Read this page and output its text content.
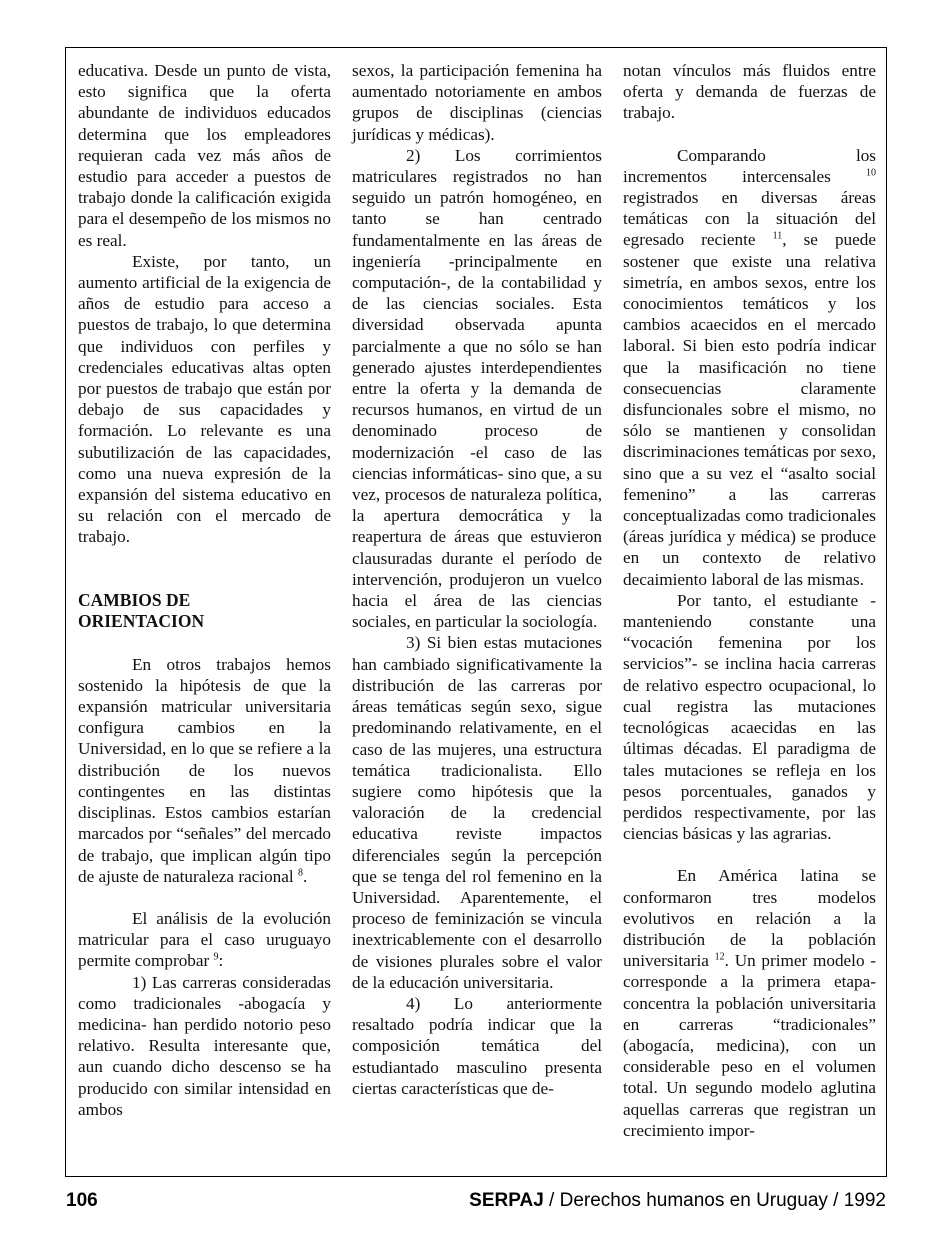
educativa. Desde un punto de vista, esto significa que la oferta abundante de individuos educados determina que los empleadores requieran cada vez más años de estudio para acceder a puestos de trabajo donde la calificación exigida para el desempeño de los mismos no es real.

Existe, por tanto, un aumento artificial de la exigencia de años de estudio para acceso a puestos de trabajo, lo que determina que individuos con perfiles y credenciales educativas altas opten por puestos de trabajo que están por debajo de sus capacidades y formación. Lo relevante es una subutilización de las capacidades, como una nueva expresión de la expansión del sistema educativo en su relación con el mercado de trabajo.

CAMBIOS DE
ORIENTACION

En otros trabajos hemos sostenido la hipótesis de que la expansión matricular universitaria configura cambios en la Universidad, en lo que se refiere a la distribución de los nuevos contingentes en las distintas disciplinas. Estos cambios estarían marcados por “señales” del mercado de trabajo, que implican algún tipo de ajuste de naturaleza racional $^8$.

El análisis de la evolución matricular para el caso uruguayo permite comprobar $^9$:

1) Las carreras consideradas como tradicionales -abogacía y medicina- han perdido notorio peso relativo. Resulta interesante que, aun cuando dicho descenso se ha producido con similar intensidad en ambos

sexos, la participación femenina ha aumentado notoriamente en ambos grupos de disciplinas (ciencias jurídicas y médicas).

2) Los corrimientos matriculares registrados no han seguido un patrón homogéneo, en tanto se han centrado fundamentalmente en las áreas de ingeniería -principalmente en computación-, de la contabilidad y de las ciencias sociales. Esta diversidad observada apunta parcialmente a que no sólo se han generado ajustes interdependientes entre la oferta y la demanda de recursos humanos, en virtud de un denominado proceso de modernización -el caso de las ciencias informáticas- sino que, a su vez, procesos de naturaleza política, la apertura democrática y la reapertura de áreas que estuvieron clausuradas durante el período de intervención, produjeron un vuelco hacia el área de las ciencias sociales, en particular la sociología.

3) Si bien estas mutaciones han cambiado significativamente la distribución de las carreras por áreas temáticas según sexo, sigue predominando relativamente, en el caso de las mujeres, una estructura temática tradicionalista. Ello sugiere como hipótesis que la valoración de la credencial educativa reviste impactos diferenciales según la percepción que se tenga del rol femenino en la Universidad. Aparentemente, el proceso de feminización se vincula inextricablemente con el desarrollo de visiones plurales sobre el valor de la educación universitaria.

4) Lo anteriormente resaltado podría indicar que la composición temática del estudiantado masculino presenta ciertas características que de-

notan vínculos más fluidos entre oferta y demanda de fuerzas de trabajo.

Comparando los incrementos intercensales	$^{10}$ registrados en diversas áreas temáticas con la situación del egresado reciente $^{11}$, se puede sostener que existe una relativa simetría, en ambos sexos, entre los conocimientos temáticos y los cambios acaecidos en el mercado laboral. Si bien esto podría indicar que la masificación no tiene consecuencias claramente disfuncionales sobre el mismo, no sólo se mantienen y consolidan discriminaciones temáticas por sexo, sino que a su vez el “asalto social femenino” a las carreras conceptualizadas como tradicionales (áreas jurídica y médica) se produce en un contexto de relativo decaimiento laboral de las mismas.

Por tanto, el estudiante - manteniendo constante una “vocación femenina por los servicios”- se inclina hacia carreras de relativo espectro ocupacional, lo cual registra las mutaciones tecnológicas acaecidas en las últimas décadas. El paradigma de tales mutaciones se refleja en los pesos porcentuales, ganados y perdidos respectivamente, por las ciencias básicas y las agrarias.

En América latina se conformaron tres modelos evolutivos en relación a la distribución de la población universitaria $^{12}$. Un primer modelo -corresponde a la primera etapa- concentra la población universitaria en carreras “tradicionales” (abogacía, medicina), con un considerable peso en el volumen total. Un segundo modelo aglutina aquellas carreras que registran un crecimiento impor-

106	SERPAJ / Derechos humanos en Uruguay / 1992
